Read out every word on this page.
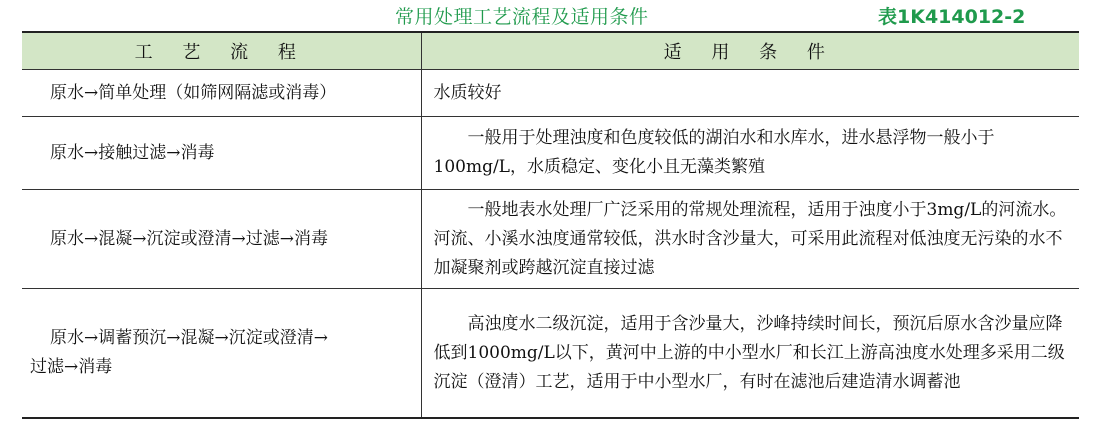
常用处理工艺流程及适用条件	表1K414012-2
工 艺 流 程	适 用 条 件
原水→简单处理（如筛网隔滤或消毒）	水质较好
原水→接触过滤→消毒	一般用于处理浊度和色度较低的湖泊水和水库水，进水悬浮物一般小于100mg/L，水质稳定、变化小且无藻类繁殖
原水→混凝→沉淀或澄清→过滤→消毒	一般地表水处理厂广泛采用的常规处理流程，适用于浊度小于3mg/L的河流水。河流、小溪水浊度通常较低，洪水时含沙量大，可采用此流程对低浊度无污染的水不加凝聚剂或跨越沉淀直接过滤

原水→调蓄预沉→混凝→沉淀或澄清→
过滤→消毒	高浊度水二级沉淀，适用于含沙量大，沙峰持续时间长，预沉后原水含沙量应降低到1000mg/L以下，黄河中上游的中小型水厂和长江上游高浊度水处理多采用二级沉淀（澄清）工艺，适用于中小型水厂，有时在滤池后建造清水调蓄池
